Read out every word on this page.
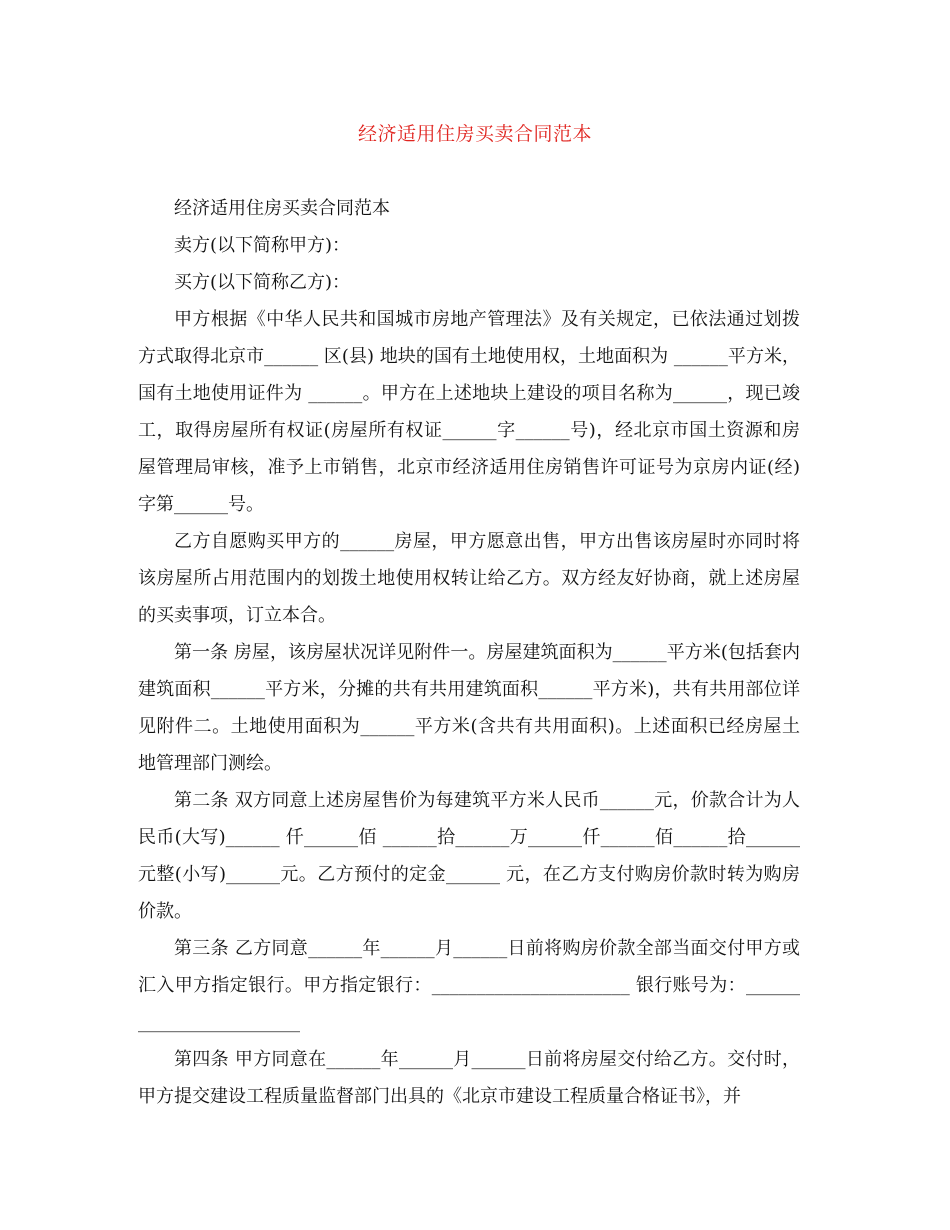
经济适用住房买卖合同范本

经济适用住房买卖合同范本

卖方(以下简称甲方)：

买方(以下简称乙方)：

甲方根据《中华人民共和国城市房地产管理法》及有关规定，已依法通过划拨方式取得北京市______ 区(县) 地块的国有土地使用权，土地面积为 ______平方米，国有土地使用证件为 ______。甲方在上述地块上建设的项目名称为______，现已竣工，取得房屋所有权证(房屋所有权证______字______号)，经北京市国土资源和房屋管理局审核，准予上市销售，北京市经济适用住房销售许可证号为京房内证(经)字第______号。

乙方自愿购买甲方的______房屋，甲方愿意出售，甲方出售该房屋时亦同时将该房屋所占用范围内的划拨土地使用权转让给乙方。双方经友好协商，就上述房屋的买卖事项，订立本合。

第一条 房屋，该房屋状况详见附件一。房屋建筑面积为______平方米(包括套内建筑面积______平方米，分摊的共有共用建筑面积______平方米)，共有共用部位详见附件二。土地使用面积为______平方米(含共有共用面积)。上述面积已经房屋土地管理部门测绘。

第二条 双方同意上述房屋售价为每建筑平方米人民币______元，价款合计为人民币(大写)______ 仟______佰 ______拾______万______仟______佰______拾______元整(小写)______元。乙方预付的定金______ 元，在乙方支付购房价款时转为购房价款。

第三条 乙方同意______年______月______日前将购房价款全部当面交付甲方或汇入甲方指定银行。甲方指定银行：______________________ 银行账号为：________________________

第四条 甲方同意在______年______月______日前将房屋交付给乙方。交付时，甲方提交建设工程质量监督部门出具的《北京市建设工程质量合格证书》，并
